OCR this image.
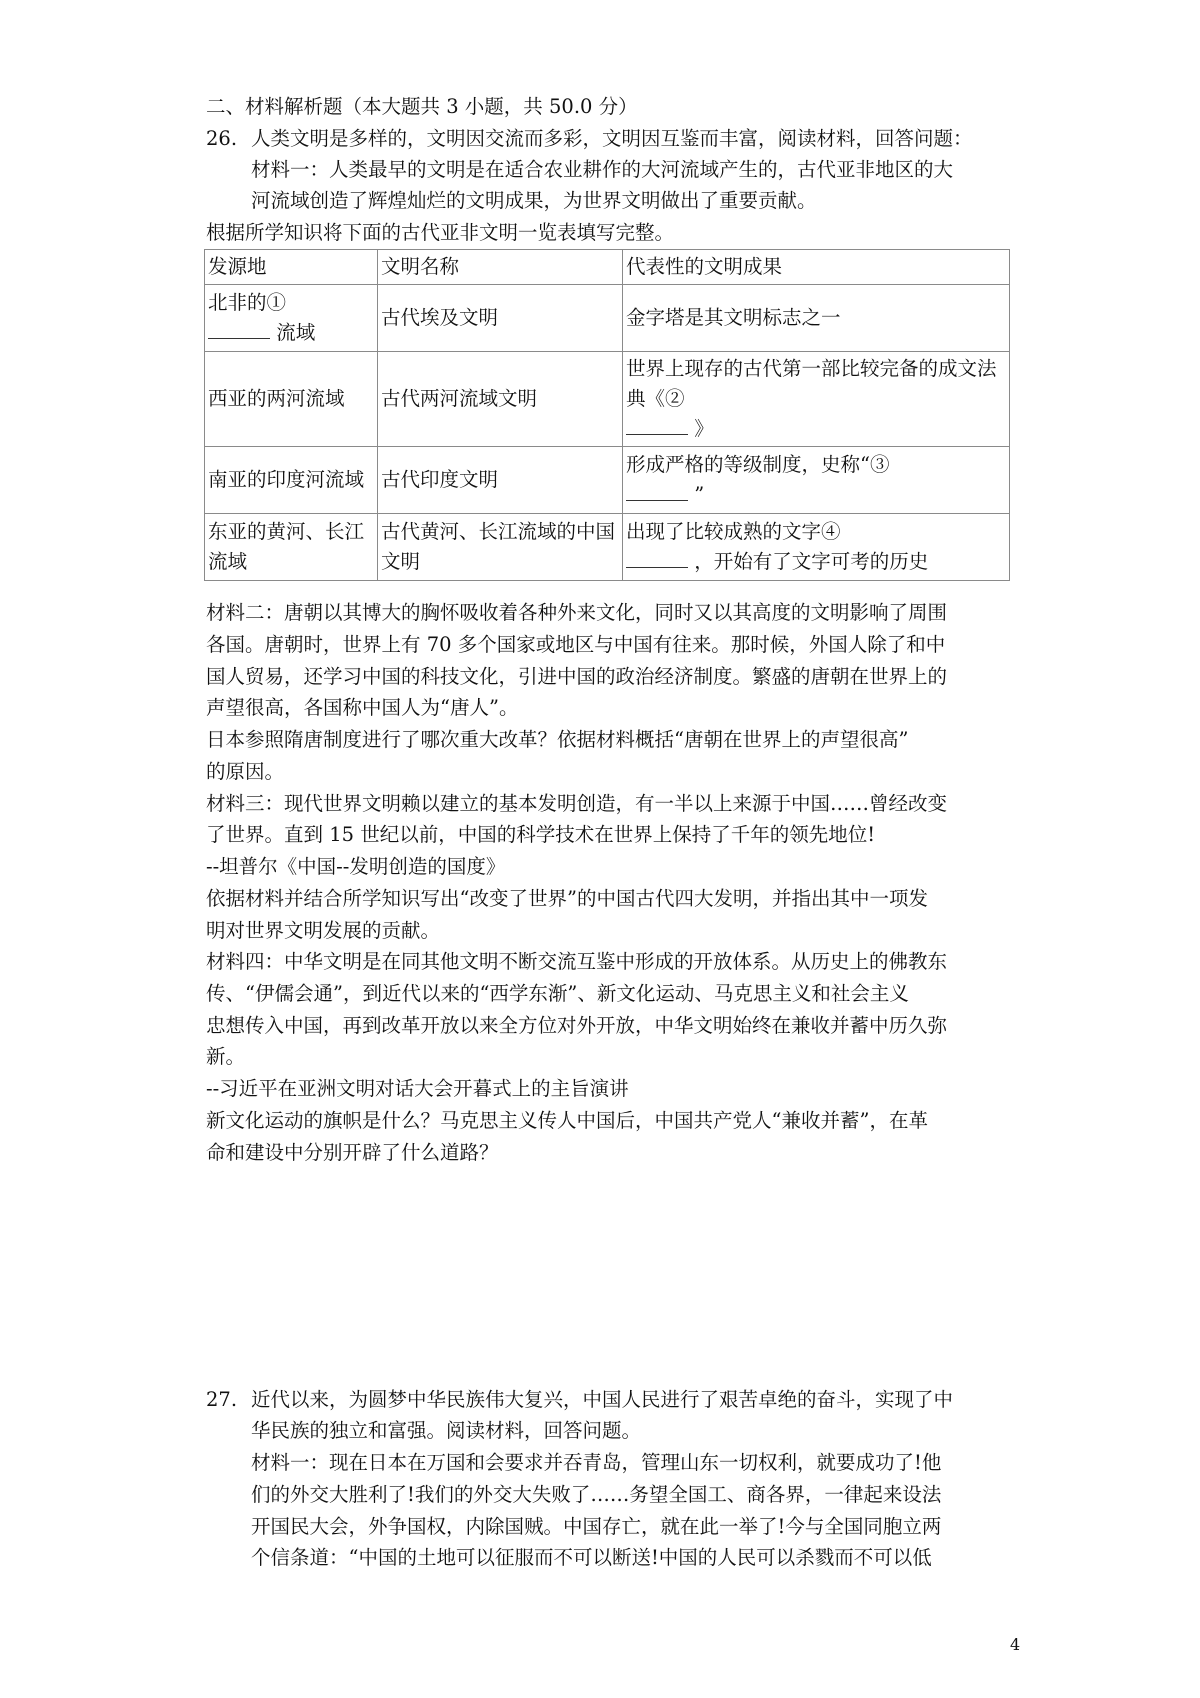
二、材料解析题（本大题共 3 小题，共 50.0 分）
26. 人类文明是多样的，文明因交流而多彩，文明因互鉴而丰富，阅读材料，回答问题：
材料一：人类最早的文明是在适合农业耕作的大河流域产生的，古代亚非地区的大
河流域创造了辉煌灿烂的文明成果，为世界文明做出了重要贡献。
根据所学知识将下面的古代亚非文明一览表填写完整。
发源地	文明名称	代表性的文明成果
北非的①
流域	古代埃及文明	金字塔是其文明标志之一
西亚的两河流域	古代两河流域文明	世界上现存的古代第一部比较完备的成文法典《②
》
南亚的印度河流域	古代印度文明	形成严格的等级制度，史称“③
”
东亚的黄河、长江流域	古代黄河、长江流域的中国文明	出现了比较成熟的文字④
，开始有了文字可考的历史
材料二：唐朝以其博大的胸怀吸收着各种外来文化，同时又以其高度的文明影响了周围
各国。唐朝时，世界上有 70 多个国家或地区与中国有往来。那时候，外国人除了和中
国人贸易，还学习中国的科技文化，引进中国的政治经济制度。繁盛的唐朝在世界上的
声望很高，各国称中国人为“唐人”。
日本参照隋唐制度进行了哪次重大改革？依据材料概括“唐朝在世界上的声望很高”
的原因。
材料三：现代世界文明赖以建立的基本发明创造，有一半以上来源于中国……曾经改变
了世界。直到 15 世纪以前，中国的科学技术在世界上保持了千年的领先地位!
--坦普尔《中国--发明创造的国度》
依据材料并结合所学知识写出“改变了世界”的中国古代四大发明，并指出其中一项发
明对世界文明发展的贡献。
材料四：中华文明是在同其他文明不断交流互鉴中形成的开放体系。从历史上的佛教东
传、“伊儒会通”，到近代以来的“西学东渐”、新文化运动、马克思主义和社会主义
忠想传入中国，再到改革开放以来全方位对外开放，中华文明始终在兼收并蓄中历久弥
新。
--习近平在亚洲文明对话大会开暮式上的主旨演讲
新文化运动的旗帜是什么？马克思主义传人中国后，中国共产党人“兼收并蓄”，在革
命和建设中分别开辟了什么道路？
27. 近代以来，为圆梦中华民族伟大复兴，中国人民进行了艰苦卓绝的奋斗，实现了中
华民族的独立和富强。阅读材料，回答问题。
材料一：现在日本在万国和会要求并吞青岛，管理山东一切权利，就要成功了!他
们的外交大胜利了!我们的外交大失败了……务望全国工、商各界，一律起来设法
开国民大会，外争国权，内除国贼。中国存亡，就在此一举了!今与全国同胞立两
个信条道：“中国的土地可以征服而不可以断送!中国的人民可以杀戮而不可以低
4
